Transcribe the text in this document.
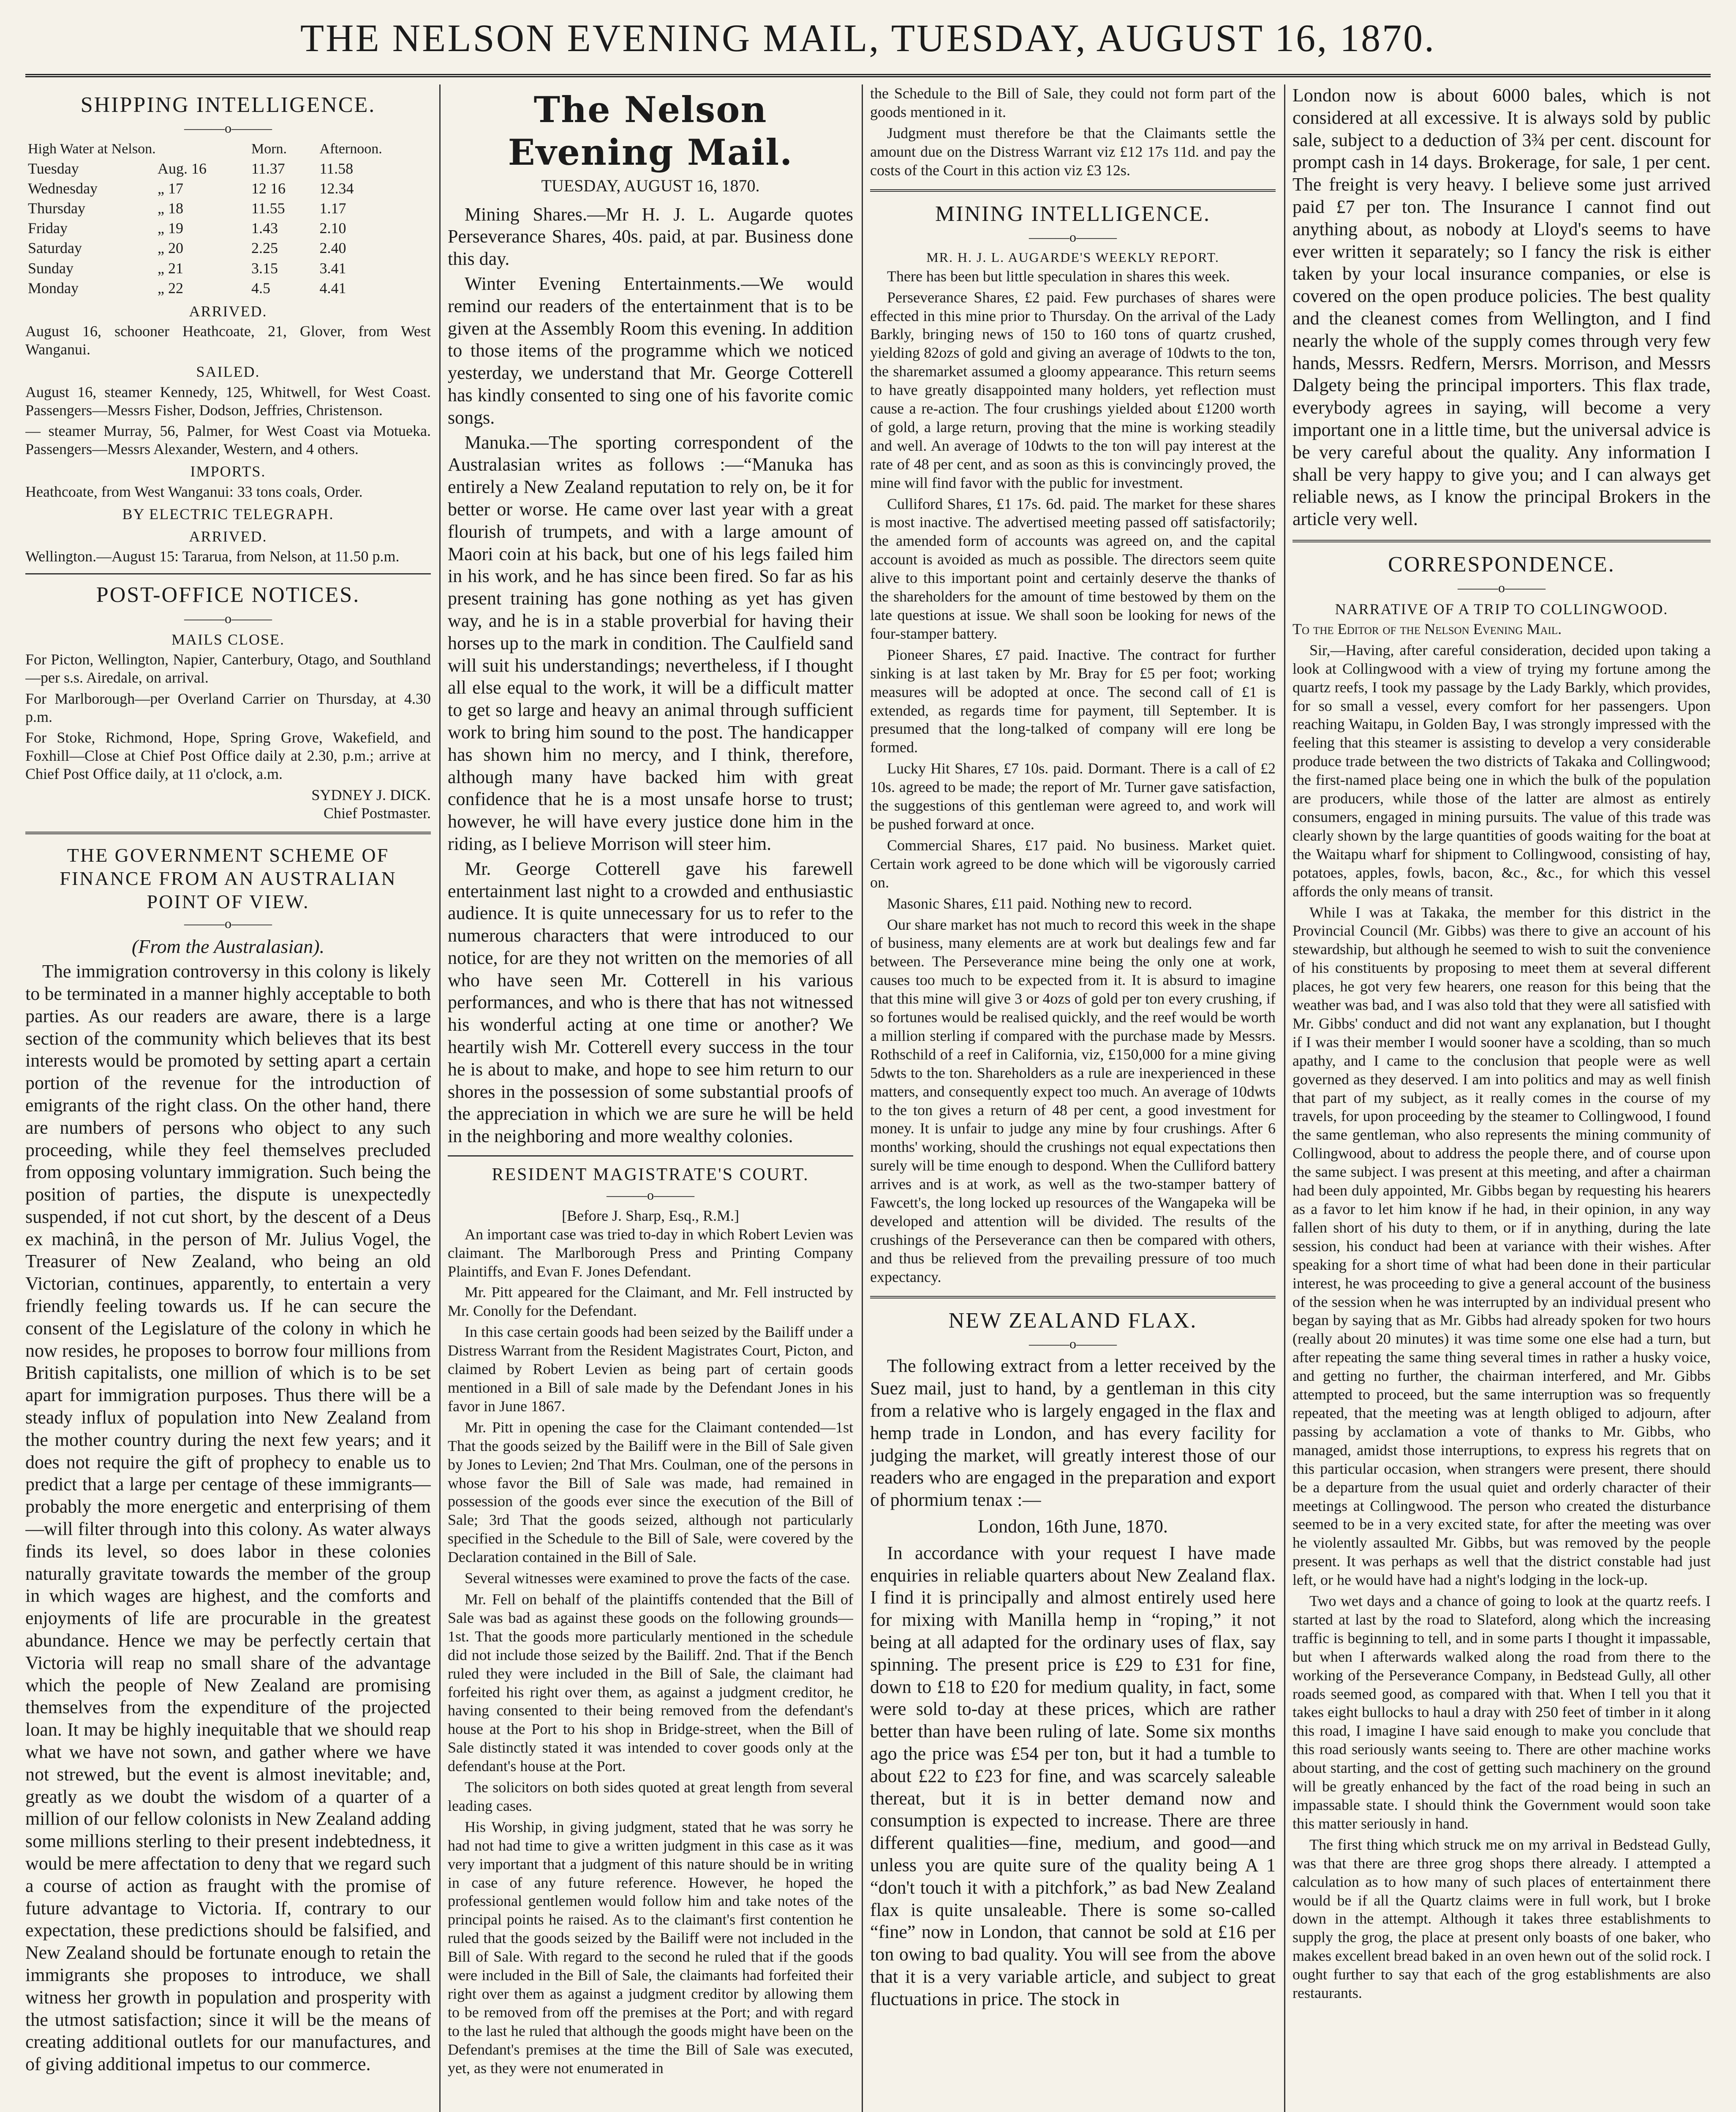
THE NELSON EVENING MAIL, TUESDAY, AUGUST 16, 1870.
SHIPPING INTELLIGENCE.
———o———
High Water at Nelson.		Morn.	Afternoon.
Tuesday	Aug. 16	11.37	11.58
Wednesday	„ 17	12 16	12.34
Thursday	„ 18	11.55	1.17
Friday	„ 19	1.43	2.10
Saturday	„ 20	2.25	2.40
Sunday	„ 21	3.15	3.41
Monday	„ 22	4.5	4.41
ARRIVED.

August 16, schooner Heathcoate, 21, Glover, from West Wanganui.

SAILED.

August 16, steamer Kennedy, 125, Whitwell, for West Coast. Passengers—Messrs Fisher, Dodson, Jeffries, Christenson.

— steamer Murray, 56, Palmer, for West Coast via Motueka. Passengers—Messrs Alexander, Western, and 4 others.

IMPORTS.

Heathcoate, from West Wanganui: 33 tons coals, Order.

BY ELECTRIC TELEGRAPH.
ARRIVED.

Wellington.—August 15: Tararua, from Nelson, at 11.50 p.m.

POST-OFFICE NOTICES.
———o———
MAILS CLOSE.

For Picton, Wellington, Napier, Canterbury, Otago, and Southland—per s.s. Airedale, on arrival.

For Marlborough—per Overland Carrier on Thursday, at 4.30 p.m.

For Stoke, Richmond, Hope, Spring Grove, Wakefield, and Foxhill—Close at Chief Post Office daily at 2.30, p.m.; arrive at Chief Post Office daily, at 11 o'clock, a.m.

SYDNEY J. DICK.

Chief Postmaster.

THE GOVERNMENT SCHEME OF FINANCE FROM AN AUSTRALIAN POINT OF VIEW.
———o———
(From the Australasian).

The immigration controversy in this colony is likely to be terminated in a manner highly acceptable to both parties. As our readers are aware, there is a large section of the community which believes that its best interests would be promoted by setting apart a certain portion of the revenue for the introduction of emigrants of the right class. On the other hand, there are numbers of persons who object to any such proceeding, while they feel themselves precluded from opposing voluntary immigration. Such being the position of parties, the dispute is unexpectedly suspended, if not cut short, by the descent of a Deus ex machinâ, in the person of Mr. Julius Vogel, the Treasurer of New Zealand, who being an old Victorian, continues, apparently, to entertain a very friendly feeling towards us. If he can secure the consent of the Legislature of the colony in which he now resides, he proposes to borrow four millions from British capitalists, one million of which is to be set apart for immigration purposes. Thus there will be a steady influx of population into New Zealand from the mother country during the next few years; and it does not require the gift of prophecy to enable us to predict that a large per centage of these immigrants—probably the more energetic and enterprising of them—will filter through into this colony. As water always finds its level, so does labor in these colonies naturally gravitate towards the member of the group in which wages are highest, and the comforts and enjoyments of life are procurable in the greatest abundance. Hence we may be perfectly certain that Victoria will reap no small share of the advantage which the people of New Zealand are promising themselves from the expenditure of the projected loan. It may be highly inequitable that we should reap what we have not sown, and gather where we have not strewed, but the event is almost inevitable; and, greatly as we doubt the wisdom of a quarter of a million of our fellow colonists in New Zealand adding some millions sterling to their present indebtedness, it would be mere affectation to deny that we regard such a course of action as fraught with the promise of future advantage to Victoria. If, contrary to our expectation, these predictions should be falsified, and New Zealand should be fortunate enough to retain the immigrants she proposes to introduce, we shall witness her growth in population and prosperity with the utmost satisfaction; since it will be the means of creating additional outlets for our manufactures, and of giving additional impetus to our commerce.

The Nelson Evening Mail.
TUESDAY, AUGUST 16, 1870.

Mining Shares.—Mr H. J. L. Augarde quotes Perseverance Shares, 40s. paid, at par. Business done this day.

Winter Evening Entertainments.—We would remind our readers of the entertainment that is to be given at the Assembly Room this evening. In addition to those items of the programme which we noticed yesterday, we understand that Mr. George Cotterell has kindly consented to sing one of his favorite comic songs.

Manuka.—The sporting correspondent of the Australasian writes as follows :—“Manuka has entirely a New Zealand reputation to rely on, be it for better or worse. He came over last year with a great flourish of trumpets, and with a large amount of Maori coin at his back, but one of his legs failed him in his work, and he has since been fired. So far as his present training has gone nothing as yet has given way, and he is in a stable proverbial for having their horses up to the mark in condition. The Caulfield sand will suit his understandings; nevertheless, if I thought all else equal to the work, it will be a difficult matter to get so large and heavy an animal through sufficient work to bring him sound to the post. The handicapper has shown him no mercy, and I think, therefore, although many have backed him with great confidence that he is a most unsafe horse to trust; however, he will have every justice done him in the riding, as I believe Morrison will steer him.

Mr. George Cotterell gave his farewell entertainment last night to a crowded and enthusiastic audience. It is quite unnecessary for us to refer to the numerous characters that were introduced to our notice, for are they not written on the memories of all who have seen Mr. Cotterell in his various performances, and who is there that has not witnessed his wonderful acting at one time or another? We heartily wish Mr. Cotterell every success in the tour he is about to make, and hope to see him return to our shores in the possession of some substantial proofs of the appreciation in which we are sure he will be held in the neighboring and more wealthy colonies.

RESIDENT MAGISTRATE'S COURT.
———o———
[Before J. Sharp, Esq., R.M.]

An important case was tried to-day in which Robert Levien was claimant. The Marlborough Press and Printing Company Plaintiffs, and Evan F. Jones Defendant.

Mr. Pitt appeared for the Claimant, and Mr. Fell instructed by Mr. Conolly for the Defendant.

In this case certain goods had been seized by the Bailiff under a Distress Warrant from the Resident Magistrates Court, Picton, and claimed by Robert Levien as being part of certain goods mentioned in a Bill of sale made by the Defendant Jones in his favor in June 1867.

Mr. Pitt in opening the case for the Claimant contended—1st That the goods seized by the Bailiff were in the Bill of Sale given by Jones to Levien; 2nd That Mrs. Coulman, one of the persons in whose favor the Bill of Sale was made, had remained in possession of the goods ever since the execution of the Bill of Sale; 3rd That the goods seized, although not particularly specified in the Schedule to the Bill of Sale, were covered by the Declaration contained in the Bill of Sale.

Several witnesses were examined to prove the facts of the case.

Mr. Fell on behalf of the plaintiffs contended that the Bill of Sale was bad as against these goods on the following grounds—1st. That the goods more particularly mentioned in the schedule did not include those seized by the Bailiff. 2nd. That if the Bench ruled they were included in the Bill of Sale, the claimant had forfeited his right over them, as against a judgment creditor, he having consented to their being removed from the defendant's house at the Port to his shop in Bridge-street, when the Bill of Sale distinctly stated it was intended to cover goods only at the defendant's house at the Port.

The solicitors on both sides quoted at great length from several leading cases.

His Worship, in giving judgment, stated that he was sorry he had not had time to give a written judgment in this case as it was very important that a judgment of this nature should be in writing in case of any future reference. However, he hoped the professional gentlemen would follow him and take notes of the principal points he raised. As to the claimant's first contention he ruled that the goods seized by the Bailiff were not included in the Bill of Sale. With regard to the second he ruled that if the goods were included in the Bill of Sale, the claimants had forfeited their right over them as against a judgment creditor by allowing them to be removed from off the premises at the Port; and with regard to the last he ruled that although the goods might have been on the Defendant's premises at the time the Bill of Sale was executed, yet, as they were not enumerated in

the Schedule to the Bill of Sale, they could not form part of the goods mentioned in it.

Judgment must therefore be that the Claimants settle the amount due on the Distress Warrant viz £12 17s 11d. and pay the costs of the Court in this action viz £3 12s.

MINING INTELLIGENCE.
———o———
MR. H. J. L. AUGARDE'S WEEKLY REPORT.

There has been but little speculation in shares this week.

Perseverance Shares, £2 paid. Few purchases of shares were effected in this mine prior to Thursday. On the arrival of the Lady Barkly, bringing news of 150 to 160 tons of quartz crushed, yielding 82ozs of gold and giving an average of 10dwts to the ton, the sharemarket assumed a gloomy appearance. This return seems to have greatly disappointed many holders, yet reflection must cause a re-action. The four crushings yielded about £1200 worth of gold, a large return, proving that the mine is working steadily and well. An average of 10dwts to the ton will pay interest at the rate of 48 per cent, and as soon as this is convincingly proved, the mine will find favor with the public for investment.

Culliford Shares, £1 17s. 6d. paid. The market for these shares is most inactive. The advertised meeting passed off satisfactorily; the amended form of accounts was agreed on, and the capital account is avoided as much as possible. The directors seem quite alive to this important point and certainly deserve the thanks of the shareholders for the amount of time bestowed by them on the late questions at issue. We shall soon be looking for news of the four-stamper battery.

Pioneer Shares, £7 paid. Inactive. The contract for further sinking is at last taken by Mr. Bray for £5 per foot; working measures will be adopted at once. The second call of £1 is extended, as regards time for payment, till September. It is presumed that the long-talked of company will ere long be formed.

Lucky Hit Shares, £7 10s. paid. Dormant. There is a call of £2 10s. agreed to be made; the report of Mr. Turner gave satisfaction, the suggestions of this gentleman were agreed to, and work will be pushed forward at once.

Commercial Shares, £17 paid. No business. Market quiet. Certain work agreed to be done which will be vigorously carried on.

Masonic Shares, £11 paid. Nothing new to record.

Our share market has not much to record this week in the shape of business, many elements are at work but dealings few and far between. The Perseverance mine being the only one at work, causes too much to be expected from it. It is absurd to imagine that this mine will give 3 or 4ozs of gold per ton every crushing, if so fortunes would be realised quickly, and the reef would be worth a million sterling if compared with the purchase made by Messrs. Rothschild of a reef in California, viz, £150,000 for a mine giving 5dwts to the ton. Shareholders as a rule are inexperienced in these matters, and consequently expect too much. An average of 10dwts to the ton gives a return of 48 per cent, a good investment for money. It is unfair to judge any mine by four crushings. After 6 months' working, should the crushings not equal expectations then surely will be time enough to despond. When the Culliford battery arrives and is at work, as well as the two-stamper battery of Fawcett's, the long locked up resources of the Wangapeka will be developed and attention will be divided. The results of the crushings of the Perseverance can then be compared with others, and thus be relieved from the prevailing pressure of too much expectancy.

NEW ZEALAND FLAX.
———o———

The following extract from a letter received by the Suez mail, just to hand, by a gentleman in this city from a relative who is largely engaged in the flax and hemp trade in London, and has every facility for judging the market, will greatly interest those of our readers who are engaged in the preparation and export of phormium tenax :—

London, 16th June, 1870.

In accordance with your request I have made enquiries in reliable quarters about New Zealand flax. I find it is principally and almost entirely used here for mixing with Manilla hemp in “roping,” it not being at all adapted for the ordinary uses of flax, say spinning. The present price is £29 to £31 for fine, down to £18 to £20 for medium quality, in fact, some were sold to-day at these prices, which are rather better than have been ruling of late. Some six months ago the price was £54 per ton, but it had a tumble to about £22 to £23 for fine, and was scarcely saleable thereat, but it is in better demand now and consumption is expected to increase. There are three different qualities—fine, medium, and good—and unless you are quite sure of the quality being A 1 “don't touch it with a pitchfork,” as bad New Zealand flax is quite unsaleable. There is some so-called “fine” now in London, that cannot be sold at £16 per ton owing to bad quality. You will see from the above that it is a very variable article, and subject to great fluctuations in price. The stock in

London now is about 6000 bales, which is not considered at all excessive. It is always sold by public sale, subject to a deduction of 3¾ per cent. discount for prompt cash in 14 days. Brokerage, for sale, 1 per cent. The freight is very heavy. I believe some just arrived paid £7 per ton. The Insurance I cannot find out anything about, as nobody at Lloyd's seems to have ever written it separately; so I fancy the risk is either taken by your local insurance companies, or else is covered on the open produce policies. The best quality and the cleanest comes from Wellington, and I find nearly the whole of the supply comes through very few hands, Messrs. Redfern, Mersrs. Morrison, and Messrs Dalgety being the principal importers. This flax trade, everybody agrees in saying, will become a very important one in a little time, but the universal advice is be very careful about the quality. Any information I shall be very happy to give you; and I can always get reliable news, as I know the principal Brokers in the article very well.

CORRESPONDENCE.
———o———
NARRATIVE OF A TRIP TO COLLINGWOOD.

To the Editor of the Nelson Evening Mail.

Sir,—Having, after careful consideration, decided upon taking a look at Collingwood with a view of trying my fortune among the quartz reefs, I took my passage by the Lady Barkly, which provides, for so small a vessel, every comfort for her passengers. Upon reaching Waitapu, in Golden Bay, I was strongly impressed with the feeling that this steamer is assisting to develop a very considerable produce trade between the two districts of Takaka and Collingwood; the first-named place being one in which the bulk of the population are producers, while those of the latter are almost as entirely consumers, engaged in mining pursuits. The value of this trade was clearly shown by the large quantities of goods waiting for the boat at the Waitapu wharf for shipment to Collingwood, consisting of hay, potatoes, apples, fowls, bacon, &c., &c., for which this vessel affords the only means of transit.

While I was at Takaka, the member for this district in the Provincial Council (Mr. Gibbs) was there to give an account of his stewardship, but although he seemed to wish to suit the convenience of his constituents by proposing to meet them at several different places, he got very few hearers, one reason for this being that the weather was bad, and I was also told that they were all satisfied with Mr. Gibbs' conduct and did not want any explanation, but I thought if I was their member I would sooner have a scolding, than so much apathy, and I came to the conclusion that people were as well governed as they deserved. I am into politics and may as well finish that part of my subject, as it really comes in the course of my travels, for upon proceeding by the steamer to Collingwood, I found the same gentleman, who also represents the mining community of Collingwood, about to address the people there, and of course upon the same subject. I was present at this meeting, and after a chairman had been duly appointed, Mr. Gibbs began by requesting his hearers as a favor to let him know if he had, in their opinion, in any way fallen short of his duty to them, or if in anything, during the late session, his conduct had been at variance with their wishes. After speaking for a short time of what had been done in their particular interest, he was proceeding to give a general account of the business of the session when he was interrupted by an individual present who began by saying that as Mr. Gibbs had already spoken for two hours (really about 20 minutes) it was time some one else had a turn, but after repeating the same thing several times in rather a husky voice, and getting no further, the chairman interfered, and Mr. Gibbs attempted to proceed, but the same interruption was so frequently repeated, that the meeting was at length obliged to adjourn, after passing by acclamation a vote of thanks to Mr. Gibbs, who managed, amidst those interruptions, to express his regrets that on this particular occasion, when strangers were present, there should be a departure from the usual quiet and orderly character of their meetings at Collingwood. The person who created the disturbance seemed to be in a very excited state, for after the meeting was over he violently assaulted Mr. Gibbs, but was removed by the people present. It was perhaps as well that the district constable had just left, or he would have had a night's lodging in the lock-up.

Two wet days and a chance of going to look at the quartz reefs. I started at last by the road to Slateford, along which the increasing traffic is beginning to tell, and in some parts I thought it impassable, but when I afterwards walked along the road from there to the working of the Perseverance Company, in Bedstead Gully, all other roads seemed good, as compared with that. When I tell you that it takes eight bullocks to haul a dray with 250 feet of timber in it along this road, I imagine I have said enough to make you conclude that this road seriously wants seeing to. There are other machine works about starting, and the cost of getting such machinery on the ground will be greatly enhanced by the fact of the road being in such an impassable state. I should think the Government would soon take this matter seriously in hand.

The first thing which struck me on my arrival in Bedstead Gully, was that there are three grog shops there already. I attempted a calculation as to how many of such places of entertainment there would be if all the Quartz claims were in full work, but I broke down in the attempt. Although it takes three establishments to supply the grog, the place at present only boasts of one baker, who makes excellent bread baked in an oven hewn out of the solid rock. I ought further to say that each of the grog establishments are also restaurants.
